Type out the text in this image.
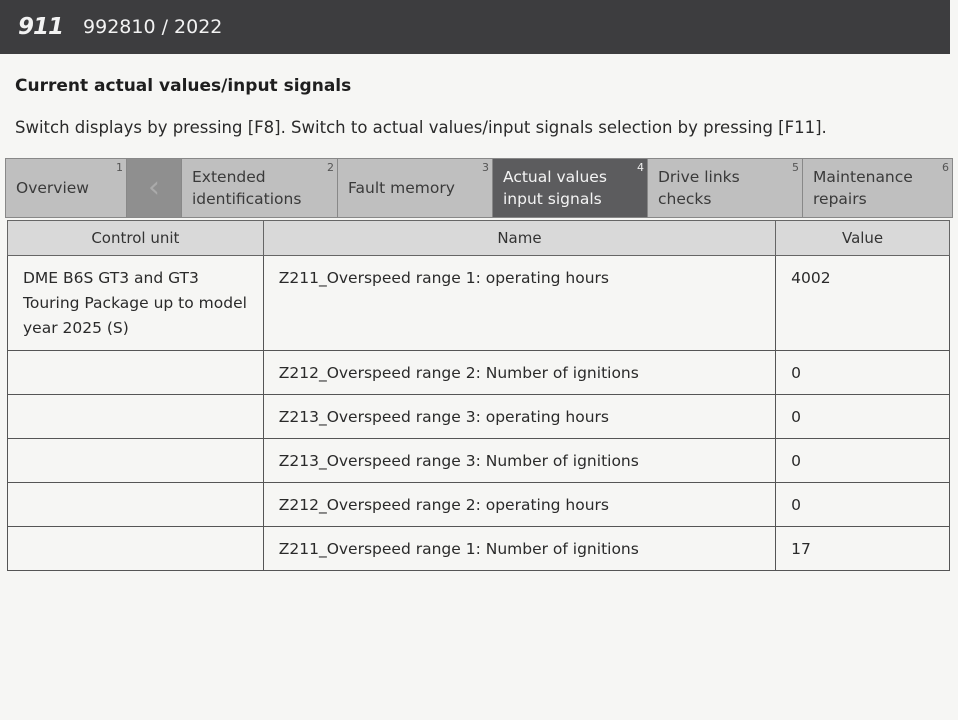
911 992810 / 2022
Current actual values/input signals
Switch displays by pressing [F8]. Switch to actual values/input signals selection by pressing [F11].
Overview
1
‹ Extended
identifications
2
Fault memory
3
Actual values
input signals
4
Drive links
checks
5
Maintenance
repairs
6
Control unit	Name	Value
DME B6S GT3 and GT3 Touring Package up to model year 2025 (S)	Z211_Overspeed range 1: operating hours	4002
	Z212_Overspeed range 2: Number of ignitions	0
	Z213_Overspeed range 3: operating hours	0
	Z213_Overspeed range 3: Number of ignitions	0
	Z212_Overspeed range 2: operating hours	0
	Z211_Overspeed range 1: Number of ignitions	17
